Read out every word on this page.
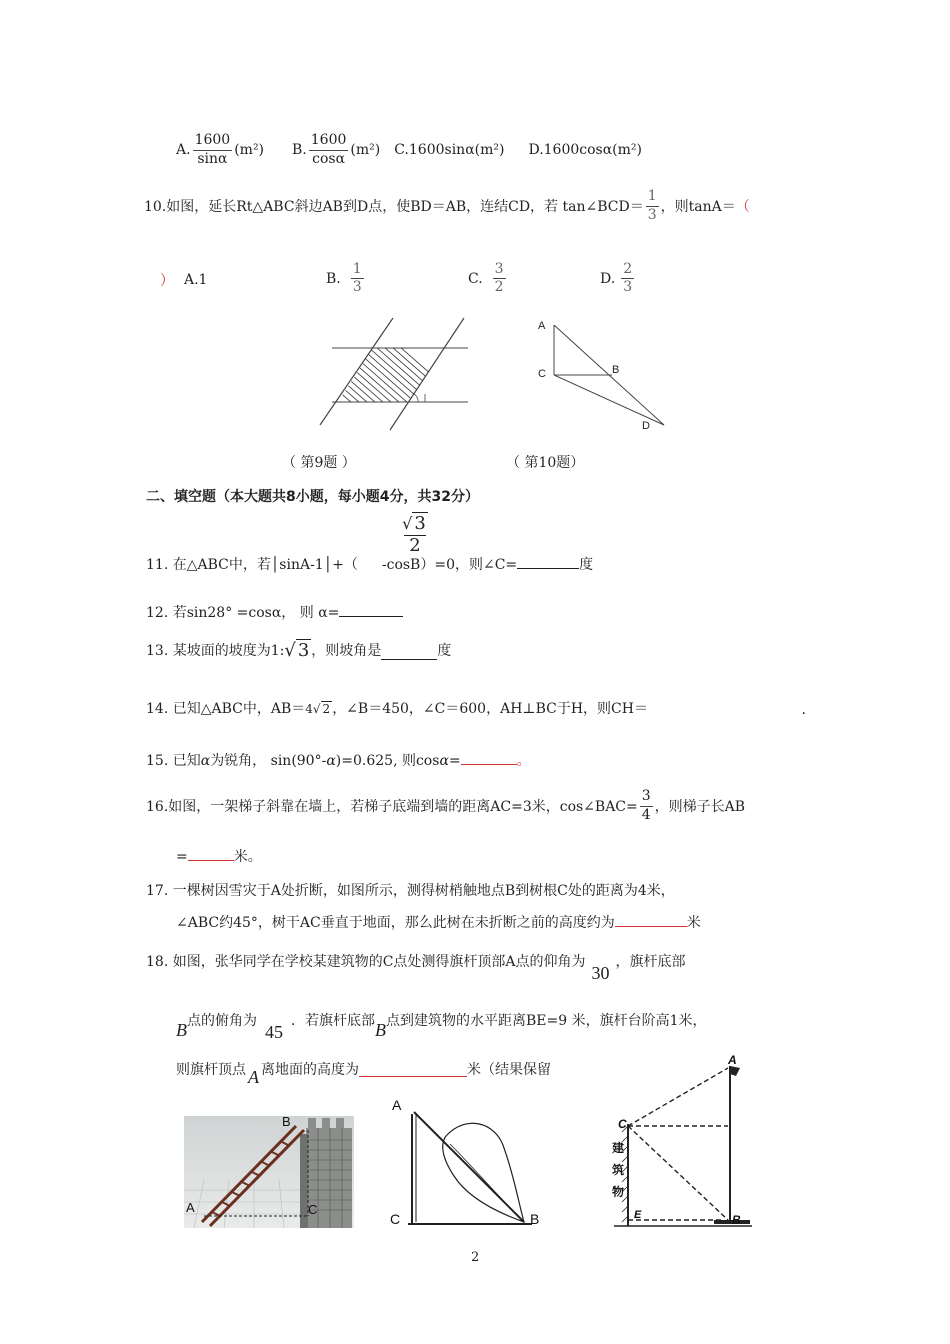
A. $\frac{1600}{\sin\alpha} (m^2)$ B. $\frac{1600}{\cos\alpha} (m^2)$ C.1600sinα(m²) D.1600cosα(m²)
10.如图，延长Rt△ABC斜边AB到D点，使BD＝AB，连结CD，若 tan∠BCD＝ $\frac{1}{3}$ ，则tanA＝ （
） A.1	B. $\frac{1}{3}$	C. $\frac{3}{2}$	D. $\frac{2}{3}$
A
C	B
D
（ 第9题 ）	（ 第10题）
二、填空题（本大题共8小题，每小题4分，共32分）
√ 3
2
11. 在△ABC中，若│sinA-1│+（ -cosB）=0，则∠C=	度
12. 若sin28° =cosα， 则 α=
13. 某坡面的坡度为1: √ 3 ，则坡角是	度
14. 已知△ABC中，AB＝ 4√ 2 ，∠B＝450，∠C＝600，AH⊥BC于H，则CH＝	.
15. 已知α为锐角， sin(90°-α)=0.625, 则cosα=	。
16.如图，一架梯子斜靠在墙上，若梯子底端到墙的距离AC=3米，cos∠BAC= $\frac{3}{4}$ ，则梯子长AB
=	米。
17. 一棵树因雪灾于A处折断，如图所示，测得树梢触地点B到树根C处的距离为4米，
∠ABC约45°，树干AC垂直于地面，那么此树在未折断之前的高度约为	米
18. 如图，张华同学在学校某建筑物的C点处测得旗杆顶部A点的仰角为
30
，旗杆底部
B 点的俯角为
45
．若旗杆底部 B 点到建筑物的水平距离BE=9 米，旗杆台阶高1米，
则旗杆顶点 A 离地面的高度为	米（结果保留
B
A	C
A
C	B
A
C
E	B
建
筑
物
2
